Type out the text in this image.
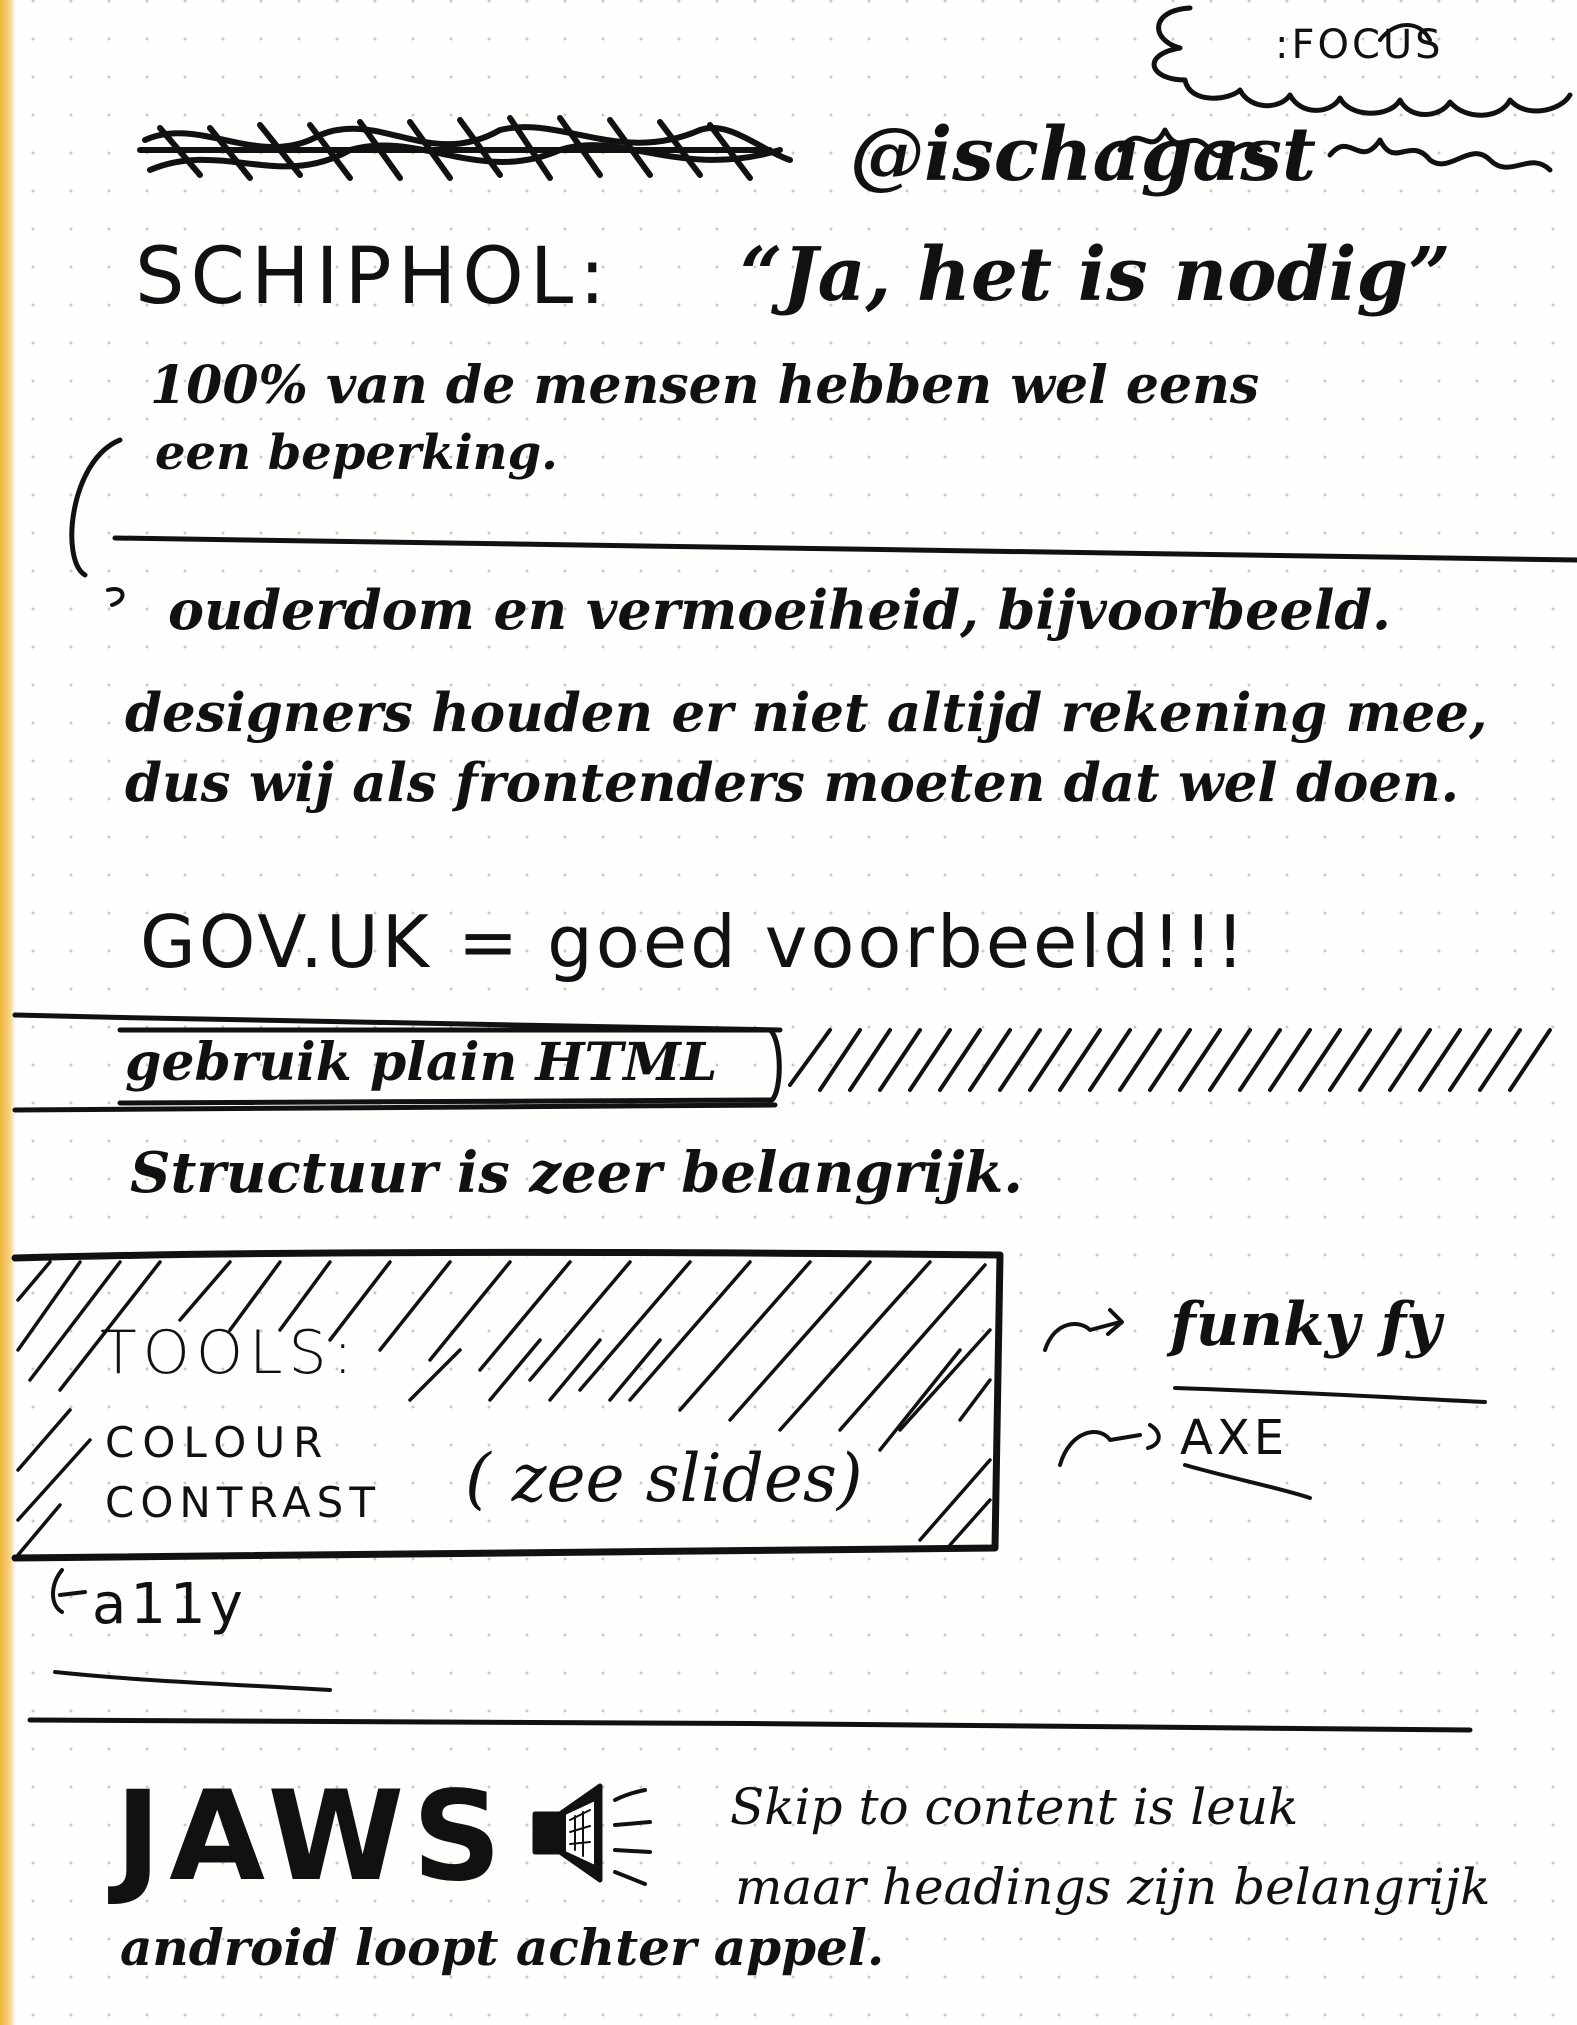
:FOCUS
@ischagast
SCHIPHOL: “Ja, het is nodig”
100% van de mensen hebben wel eens
een beperking.
ouderdom en vermoeiheid, bijvoorbeeld.
designers houden er niet altijd rekening mee,
dus wij als frontenders moeten dat wel doen.
GOV.UK = goed voorbeeld!!!
gebruik plain HTML
Structuur is zeer belangrijk.
TOOLS:
COLOUR
CONTRAST ( zee slides)
funky fy
AXE
a11y
JAWS	Skip to content is leuk
maar headings zijn belangrijk
android loopt achter appel.
